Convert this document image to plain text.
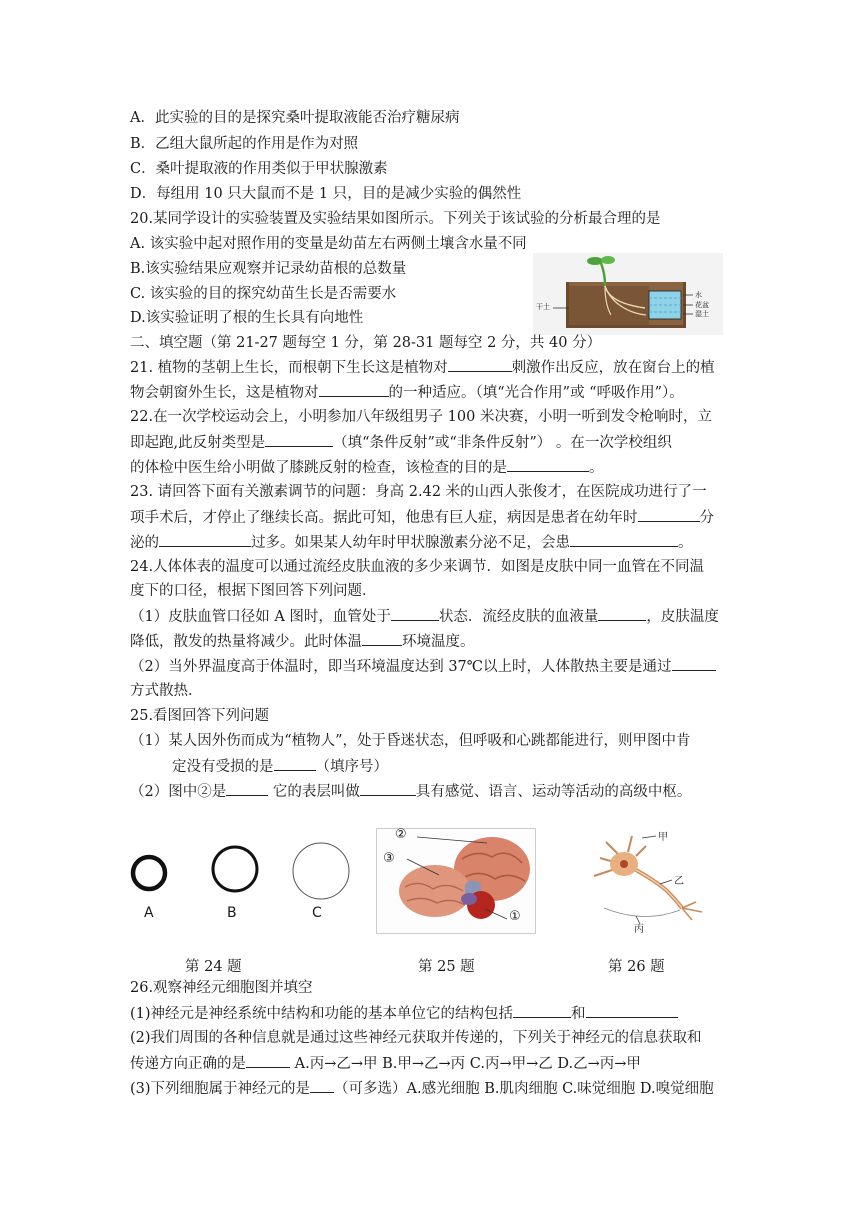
A．此实验的目的是探究桑叶提取液能否治疗糖尿病
B．乙组大鼠所起的作用是作为对照
C．桑叶提取液的作用类似于甲状腺激素
D．每组用 10 只大鼠而不是 1 只，目的是减少实验的偶然性
20.某同学设计的实验装置及实验结果如图所示。下列关于该试验的分析最合理的是
A. 该实验中起对照作用的变量是幼苗左右两侧土壤含水量不同
B.该实验结果应观察并记录幼苗根的总数量
C. 该实验的目的探究幼苗生长是否需要水
D.该实验证明了根的生长具有向地性
干土
水
花盆
湿土
二、填空题（第 21-27 题每空 1 分，第 28-31 题每空 2 分，共 40 分）
21. 植物的茎朝上生长，而根朝下生长这是植物对	刺激作出反应，放在窗台上的植
物会朝窗外生长，这是植物对	的一种适应。（填“光合作用”或 “呼吸作用”）。
22.在一次学校运动会上，小明参加八年级组男子 100 米决赛，小明一听到发令枪响时，立
即起跑,此反射类型是	（填“条件反射”或“非条件反射”） 。在一次学校组织
的体检中医生给小明做了膝跳反射的检查，该检查的目的是	。
23. 请回答下面有关激素调节的问题：身高 2.42 米的山西人张俊才，在医院成功进行了一
项手术后，才停止了继续长高。据此可知，他患有巨人症，病因是患者在幼年时	分
泌的	过多。如果某人幼年时甲状腺激素分泌不足，会患	。
24.人体体表的温度可以通过流经皮肤血液的多少来调节．如图是皮肤中同一血管在不同温
度下的口径，根据下图回答下列问题．
（1）皮肤血管口径如 A 图时，血管处于	状态．流经皮肤的血液量	，皮肤温度
降低，散发的热量将减少。此时体温	环境温度。
（2）当外界温度高于体温时，即当环境温度达到 37℃以上时，人体散热主要是通过
方式散热．
25.看图回答下列问题
（1）某人因外伤而成为“植物人”，处于昏迷状态，但呼吸和心跳都能进行，则甲图中肯
定没有受损的是	（填序号）
（2）图中②是	它的表层叫做	具有感觉、语言、运动等活动的高级中枢。
A	B	C
②
③
①
甲
乙
丙
第 24 题	第 25 题	第 26 题
26.观察神经元细胞图并填空
(1)神经元是神经系统中结构和功能的基本单位它的结构包括	和
(2)我们周围的各种信息就是通过这些神经元获取并传递的，下列关于神经元的信息获取和
传递方向正确的是	A.丙→乙→甲 B.甲→乙→丙 C.丙→甲→乙 D.乙→丙→甲
(3)下列细胞属于神经元的是 （可多选）A.感光细胞 B.肌肉细胞 C.味觉细胞 D.嗅觉细胞
